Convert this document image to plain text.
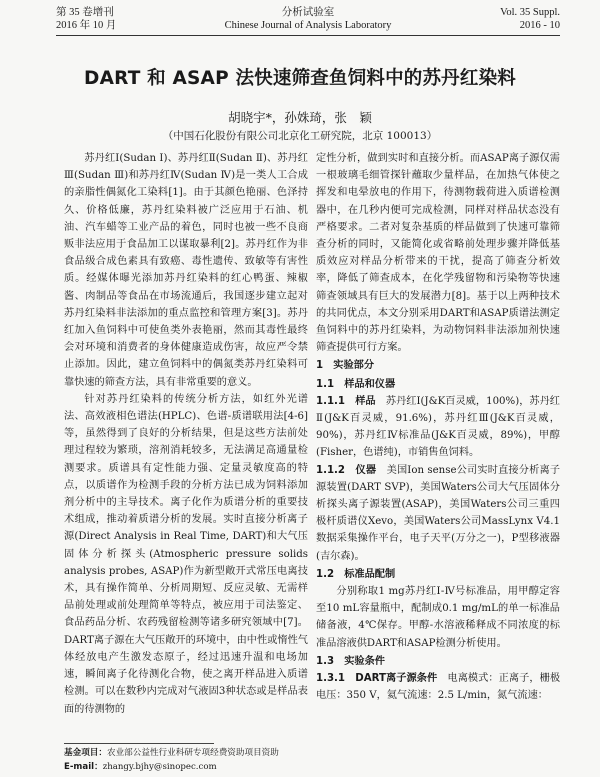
第 35 卷增刊
2016 年 10 月
分析试验室
Chinese Journal of Analysis Laboratory
Vol. 35 Suppl.
2016 - 10
DART 和 ASAP 法快速筛查鱼饲料中的苏丹红染料
胡晓宇*，孙姝琦，张　颖
（中国石化股份有限公司北京化工研究院，北京 100013）

苏丹红Ⅰ(Sudan Ⅰ)、苏丹红Ⅱ(Sudan Ⅱ)、苏丹红Ⅲ(Sudan Ⅲ)和苏丹红Ⅳ(Sudan Ⅳ)是一类人工合成的亲脂性偶氮化工染料[1]。由于其颜色艳丽、色泽持久、价格低廉，苏丹红染料被广泛应用于石油、机油、汽车蜡等工业产品的着色，同时也被一些不良商贩非法应用于食品加工以谋取暴利[2]。苏丹红作为非食品级合成色素具有致癌、毒性遗传、致敏等有害性质。经媒体曝光添加苏丹红染料的红心鸭蛋、辣椒酱、肉制品等食品在市场流通后，我国逐步建立起对苏丹红染料非法添加的重点监控和管理方案[3]。苏丹红加入鱼饲料中可使鱼类外表艳丽，然而其毒性最终会对环境和消费者的身体健康造成伤害，故应严令禁止添加。因此，建立鱼饲料中的偶氮类苏丹红染料可靠快速的筛查方法，具有非常重要的意义。

针对苏丹红染料的传统分析方法，如红外光谱法、高效液相色谱法(HPLC)、色谱-质谱联用法[4-6]等，虽然得到了良好的分析结果，但是这些方法前处理过程较为繁琐，溶剂消耗较多，无法满足高通量检测要求。质谱具有定性能力强、定量灵敏度高的特点，以质谱作为检测手段的分析方法已成为饲料添加剂分析中的主导技术。离子化作为质谱分析的重要技术组成，推动着质谱分析的发展。实时直接分析离子源(Direct Analysis in Real Time, DART)和大气压固体分析探头(Atmospheric pressure solids analysis probes, ASAP)作为新型敞开式常压电离技术，具有操作简单、分析周期短、反应灵敏、无需样品前处理或前处理简单等特点，被应用于司法鉴定、食品药品分析、农药残留检测等诸多研究领域中[7]。DART离子源在大气压敞开的环境中，由中性或惰性气体经放电产生激发态原子，经过迅速升温和电场加速，瞬间离子化待测化合物，使之离开样品进入质谱检测。可以在数秒内完成对气液固3种状态或是样品表面的待测物的

定性分析，做到实时和直接分析。而ASAP离子源仅需一根玻璃毛细管探针蘸取少量样品，在加热气体使之挥发和电晕放电的作用下，待测物载荷进入质谱检测器中，在几秒内便可完成检测，同样对样品状态没有严格要求。二者对复杂基质的样品做到了快速可靠筛查分析的同时，又能简化或省略前处理步骤并降低基质效应对样品分析带来的干扰，提高了筛查分析效率，降低了筛查成本，在化学残留物和污染物等快速筛查领域具有巨大的发展潜力[8]。基于以上两种技术的共同优点，本文分别采用DART和ASAP质谱法测定鱼饲料中的苏丹红染料，为动物饲料非法添加剂快速筛查提供可行方案。

1　实验部分
1.1　样品和仪器

1.1.1　样品　 苏丹红Ⅰ(J&K百灵威，100%)，苏丹红Ⅱ(J&K百灵威，91.6%)，苏丹红Ⅲ(J&K百灵威，90%)，苏丹红Ⅳ标准品(J&K百灵威，89%)，甲醇(Fisher，色谱纯)，市销售鱼饲料。

1.1.2　仪器　 美国Ion sense公司实时直接分析离子源装置(DART SVP)，美国Waters公司大气压固体分析探头离子源装置(ASAP)，美国Waters公司三重四极杆质谱仪Xevo，美国Waters公司MassLynx V4.1数据采集操作平台，电子天平(万分之一)，P型移液器(吉尔森)。

1.2　标准品配制

分别称取1 mg苏丹红Ⅰ-Ⅳ号标准品，用甲醇定容至10 mL容量瓶中，配制成0.1 mg/mL的单一标准品储备液，4℃保存。甲醇-水溶液稀释成不同浓度的标准品溶液供DART和ASAP检测分析使用。

1.3　实验条件

1.3.1　DART离子源条件　 电离模式：正离子，栅极电压：350 V，氦气流速：2.5 L/min，氮气流速：

基金项目：农业部公益性行业科研专项经费资助项目资助
E-mail：zhangy.bjhy@sinopec.com
